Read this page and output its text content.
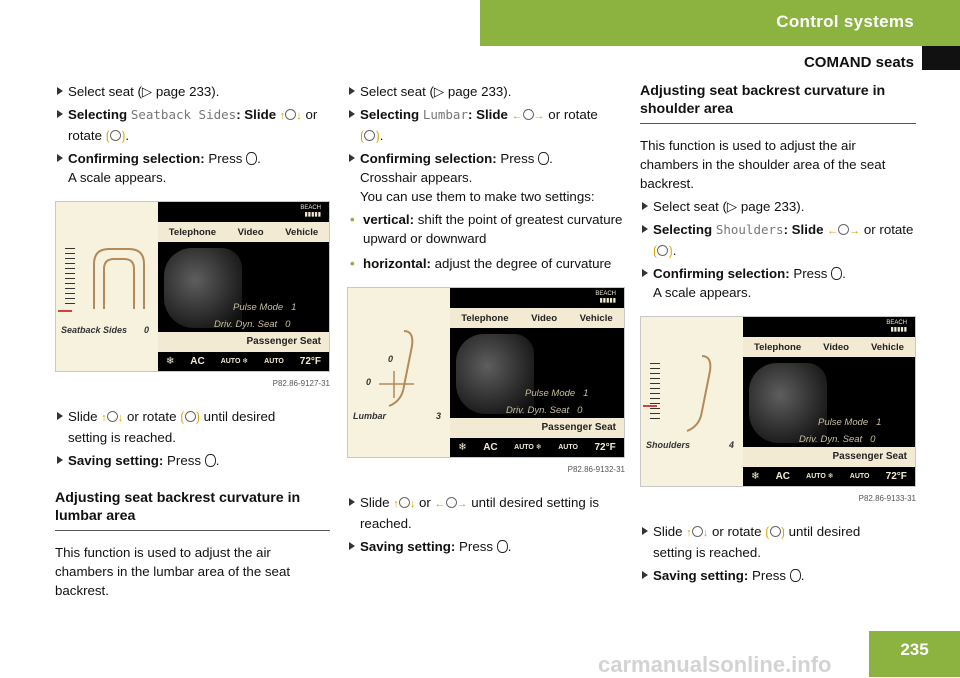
Control systems
COMAND seats
Select seat (▷ page 233).
Selecting Seatback Sides: Slide ↑ ↓ or
rotate ⟮ ⟯.
Confirming selection: Press .
A scale appears.
Seatback Sides 0
BEACH
▮▮▮▮▮
Telephone Video Vehicle
Pulse Mode 1
Driv. Dyn. Seat 0
Passenger Seat
❄ AC AUTO ❄ AUTO 72°F
P82.86-9127-31
Slide ↑ ↓ or rotate ⟮ ⟯ until desired
setting is reached.
Saving setting: Press .
Adjusting seat backrest curvature in lumbar area
This function is used to adjust the air chambers in the lumbar area of the seat backrest.
Select seat (▷ page 233).
Selecting Lumbar: Slide ← → or rotate
⟮ ⟯.
Confirming selection: Press .
Crosshair appears.
You can use them to make two settings:
• vertical: shift the point of greatest curvature upward or downward
• horizontal: adjust the degree of curvature
0
0
Lumbar	3
BEACH
▮▮▮▮▮
Telephone Video Vehicle
Pulse Mode 1
Driv. Dyn. Seat 0
Passenger Seat
❄ AC AUTO ❄ AUTO 72°F
P82.86-9132-31
Slide ↑ ↓ or ← → until desired setting is reached.
Saving setting: Press .
Adjusting seat backrest curvature in shoulder area
This function is used to adjust the air chambers in the shoulder area of the seat backrest.
Select seat (▷ page 233).
Selecting Shoulders: Slide ← → or rotate
⟮ ⟯.
Confirming selection: Press .
A scale appears.
Shoulders	4
BEACH
▮▮▮▮▮
Telephone Video Vehicle
Pulse Mode 1
Driv. Dyn. Seat 0
Passenger Seat
❄ AC AUTO ❄ AUTO 72°F
P82.86-9133-31
Slide ↑ ↓ or rotate ⟮ ⟯ until desired
setting is reached.
Saving setting: Press .
235
carmanualsonline.info
